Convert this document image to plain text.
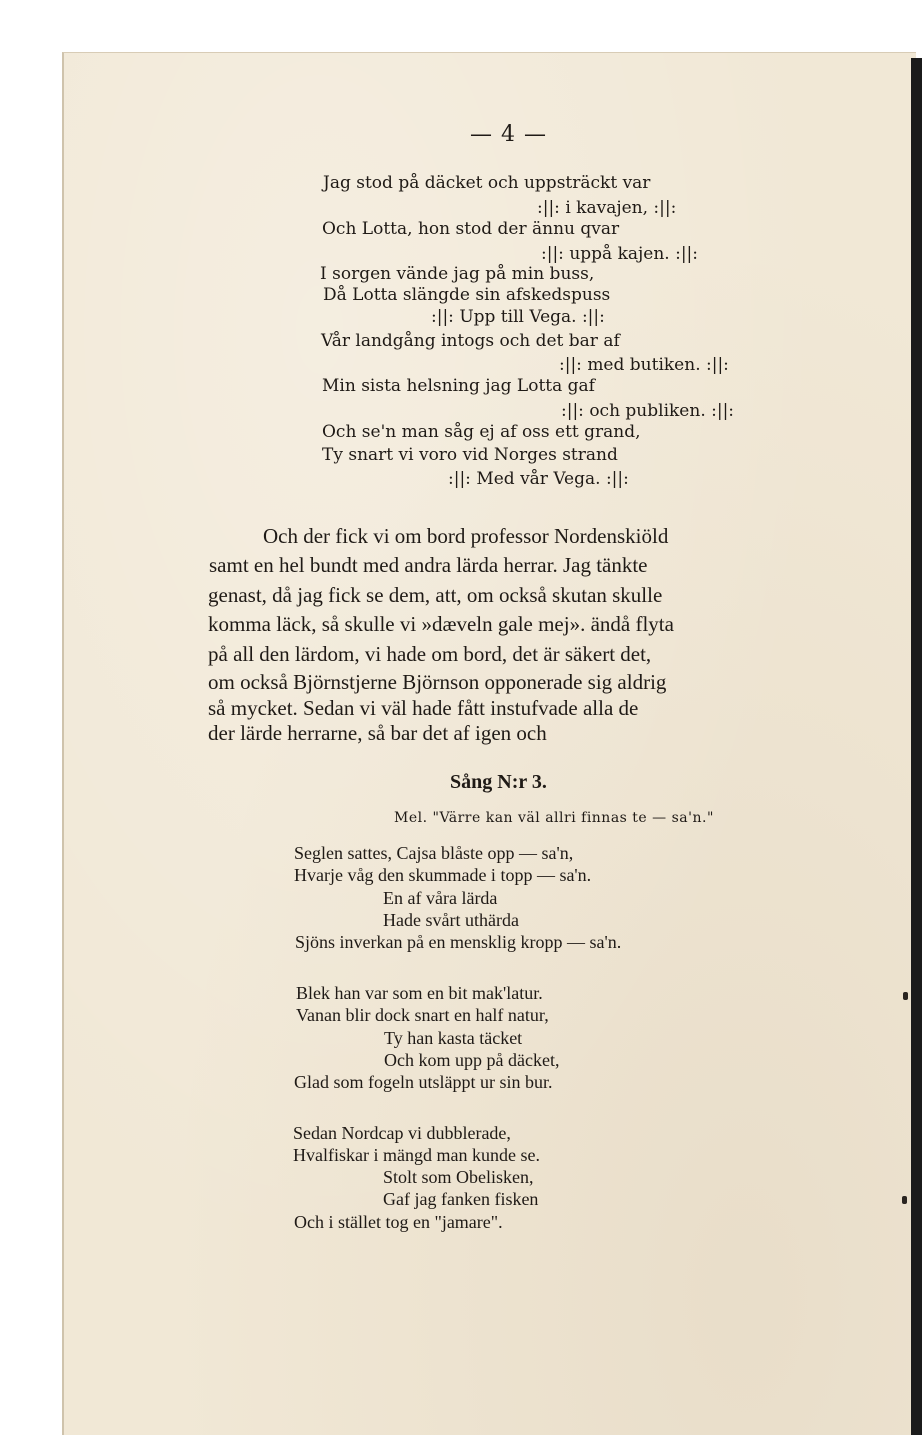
— 4 —
Jag stod på däcket och uppsträckt var
:||: i kavajen, :||:
Och Lotta, hon stod der ännu qvar
:||: uppå kajen. :||:
I sorgen vände jag på min buss,
Då Lotta slängde sin afskedspuss
:||: Upp till Vega. :||:
Vår landgång intogs och det bar af
:||: med butiken. :||:
Min sista helsning jag Lotta gaf
:||: och publiken. :||:
Och se'n man såg ej af oss ett grand,
Ty snart vi voro vid Norges strand
:||: Med vår Vega. :||:
Och der fick vi om bord professor Nordenskiöld
samt en hel bundt med andra lärda herrar. Jag tänkte
genast, då jag fick se dem, att, om också skutan skulle
komma läck, så skulle vi »dæveln gale mej». ändå flyta
på all den lärdom, vi hade om bord, det är säkert det,
om också Björnstjerne Björnson opponerade sig aldrig
så mycket. Sedan vi väl hade fått instufvade alla de
der lärde herrarne, så bar det af igen och
Sång N:r 3.
Mel. "Värre kan väl allri finnas te — sa'n."
Seglen sattes, Cajsa blåste opp — sa'n,
Hvarje våg den skummade i topp — sa'n.
En af våra lärda
Hade svårt uthärda
Sjöns inverkan på en mensklig kropp — sa'n.
Blek han var som en bit mak'latur.
Vanan blir dock snart en half natur,
Ty han kasta täcket
Och kom upp på däcket,
Glad som fogeln utsläppt ur sin bur.
Sedan Nordcap vi dubblerade,
Hvalfiskar i mängd man kunde se.
Stolt som Obelisken,
Gaf jag fanken fisken
Och i stället tog en "jamare".
